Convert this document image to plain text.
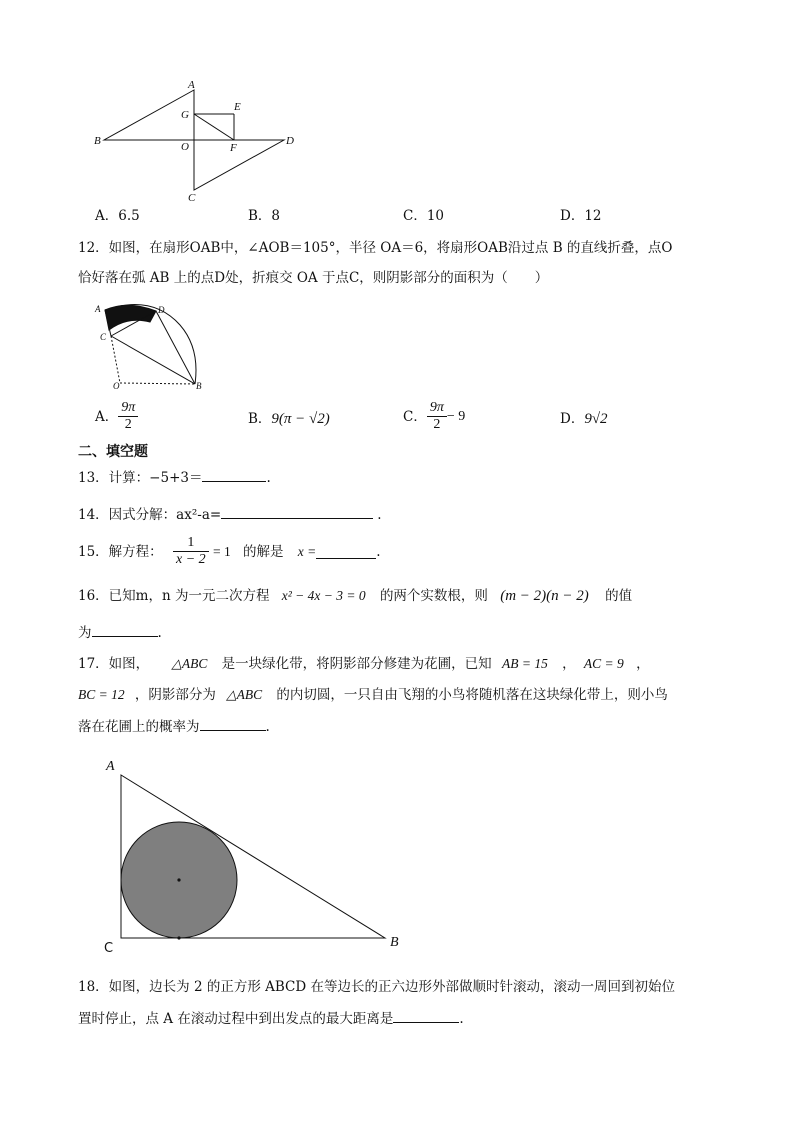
A
B
C
D
E
F
G
O
A．6.5	B．8	C．10	D．12
12．如图，在扇形OAB中，∠AOB＝105°，半径 OA＝6，将扇形OAB沿过点 B 的直线折叠，点O
恰好落在弧 AB 上的点D处，折痕交 OA 于点C，则阴影部分的面积为（　　）
A	D
C
O	B
A． $\frac{9\pi}{2}$	B．9(π − √2)	C． $\frac{9\pi}{2} - 9$	D．9√2
二、填空题
13．计算：−5+3＝	.
14．因式分解：ax²-a=	.
15．解方程： $\frac{1}{x - 2} = 1$ 的解是 x =	.
16．已知m，n 为一元二次方程 x² − 4x − 3 = 0 的两个实数根，则 (m − 2)(n − 2) 的值
为	.
17．如图， △ABC 是一块绿化带，将阴影部分修建为花圃，已知 AB = 15 ， AC = 9 ，
BC = 12 ，阴影部分为 △ABC 的内切圆，一只自由飞翔的小鸟将随机落在这块绿化带上，则小鸟
落在花圃上的概率为	.
A
C	B
18．如图，边长为 2 的正方形 ABCD 在等边长的正六边形外部做顺时针滚动，滚动一周回到初始位
置时停止，点 A 在滚动过程中到出发点的最大距离是	.
